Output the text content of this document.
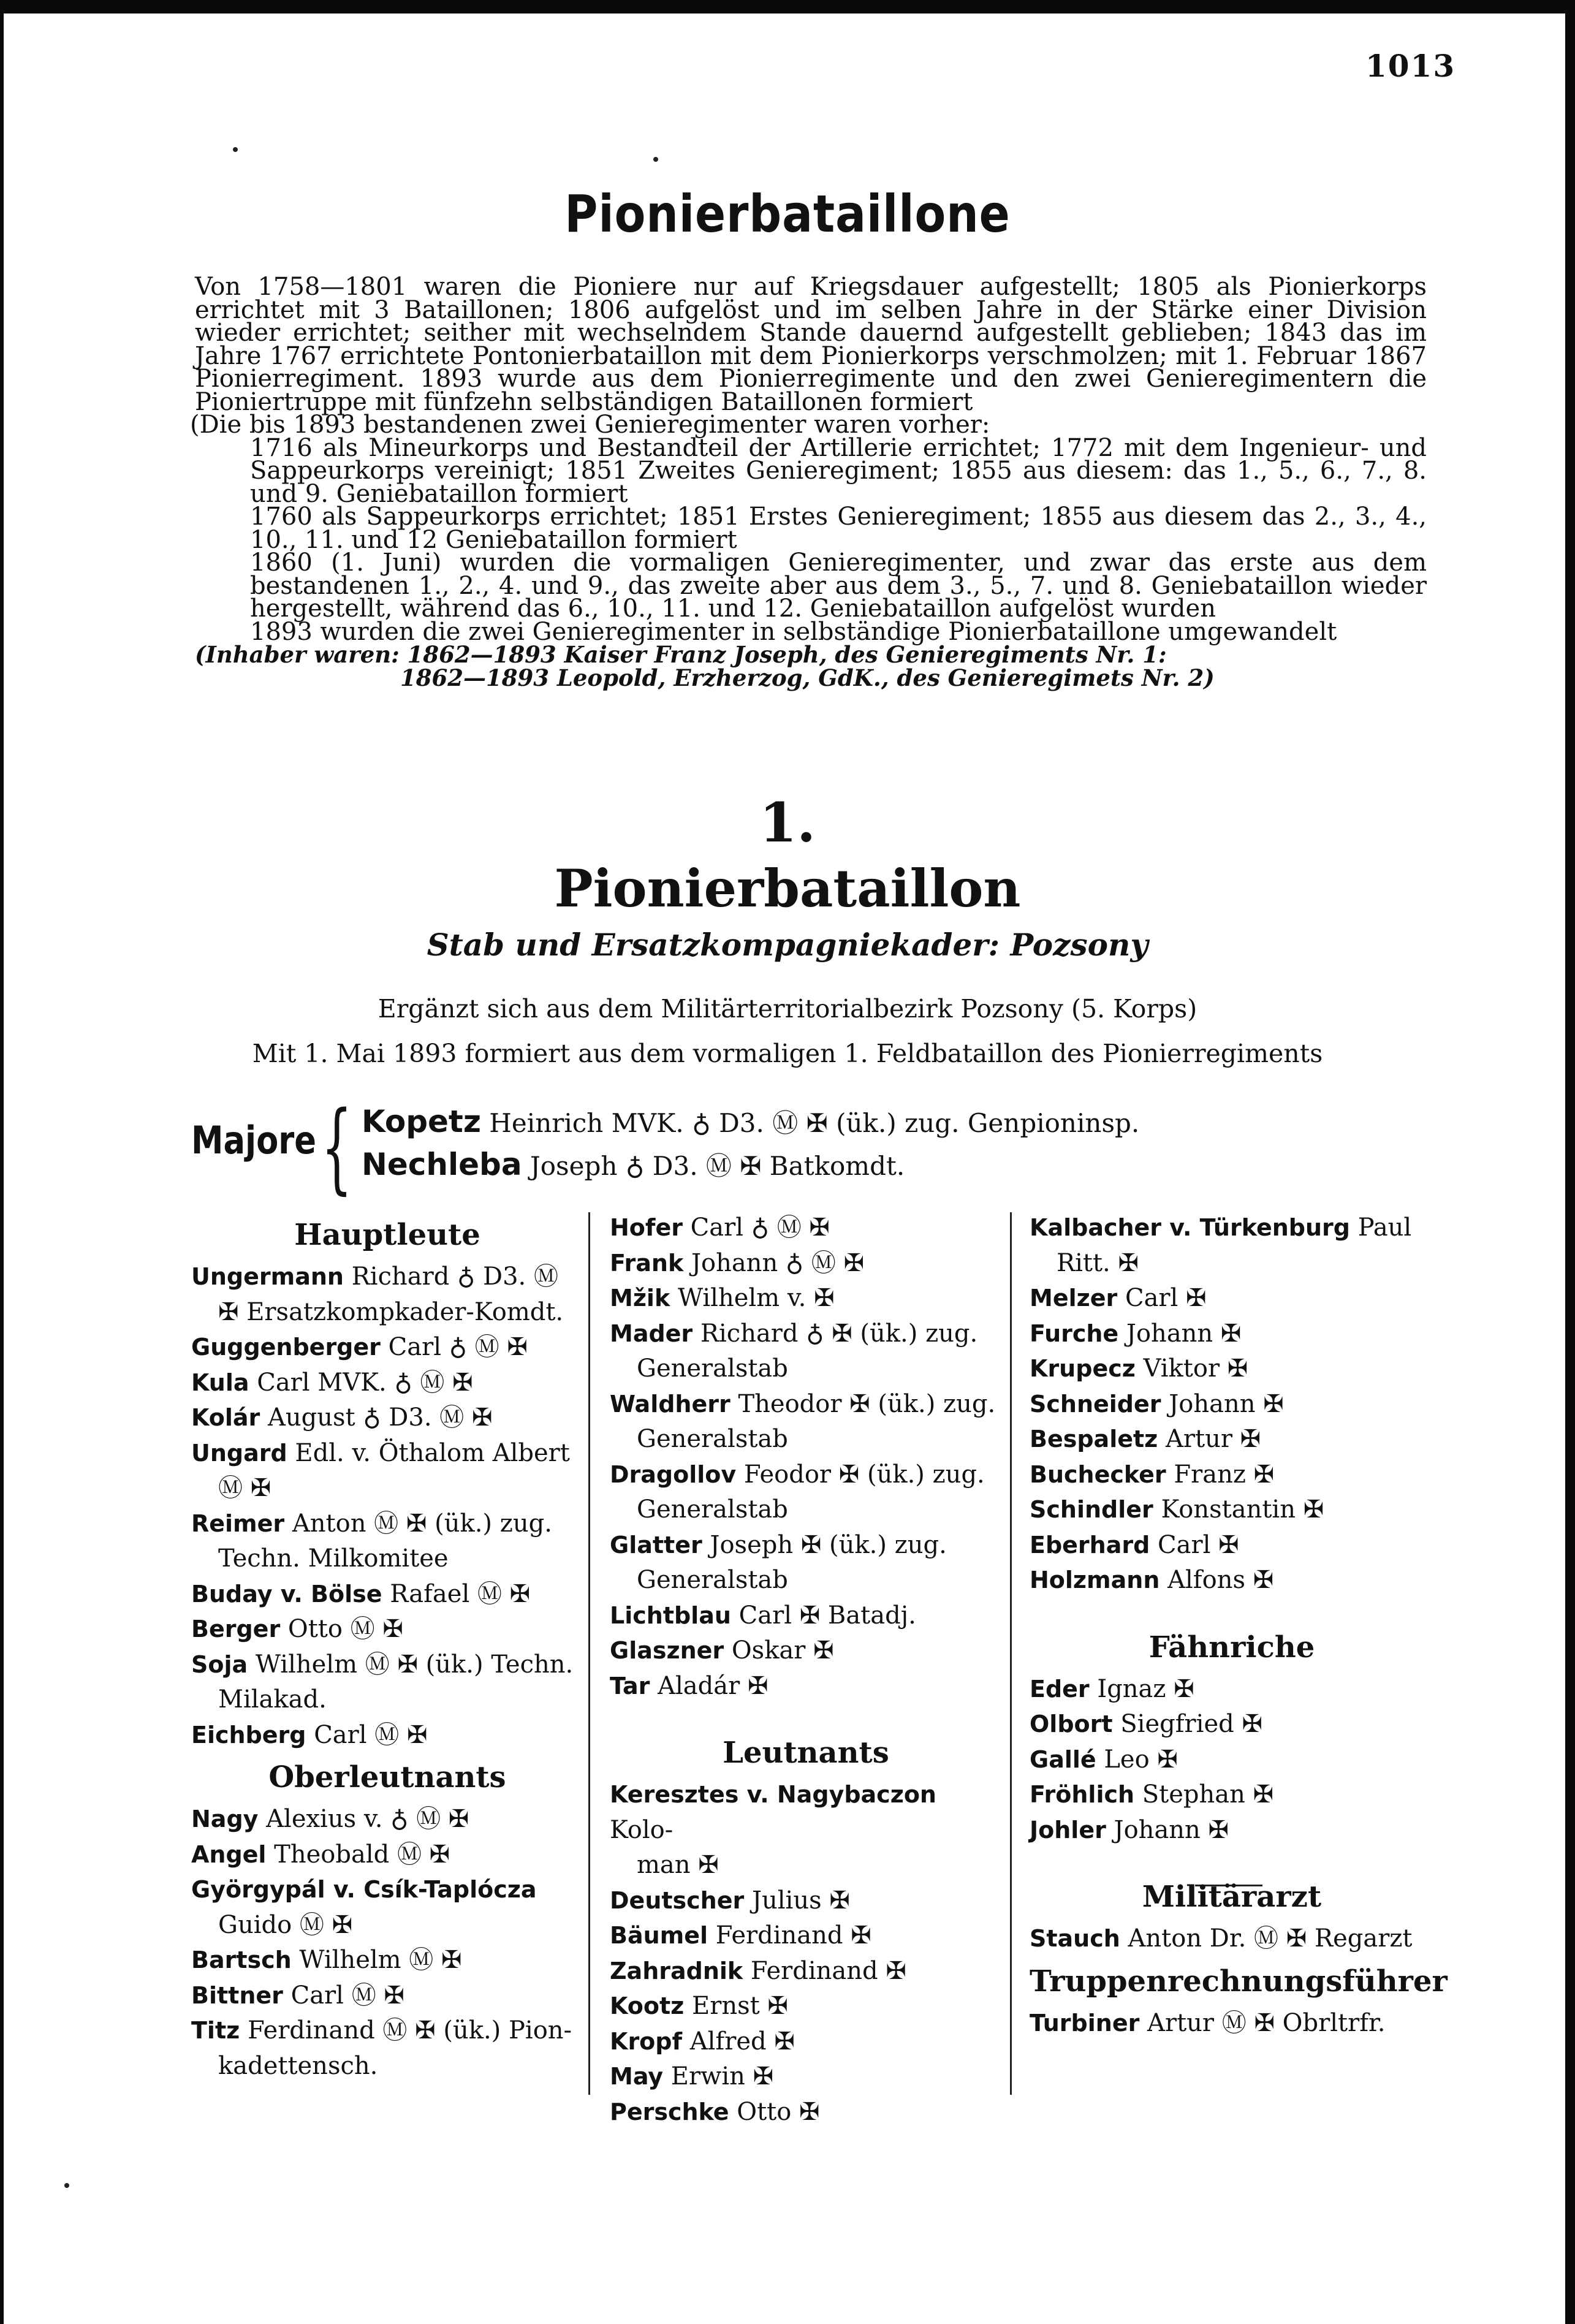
1013
Pionierbataillone

Von 1758—1801 waren die Pioniere nur auf Kriegsdauer aufgestellt; 1805 als Pionierkorps errichtet mit 3 Bataillonen; 1806 aufgelöst und im selben Jahre in der Stärke einer Division wieder errichtet; seither mit wechselndem Stande dauernd aufgestellt geblieben; 1843 das im Jahre 1767 errichtete Pontonierbataillon mit dem Pionierkorps verschmolzen; mit 1. Februar 1867 Pionierregiment. 1893 wurde aus dem Pionierregimente und den zwei Genieregimentern die Pioniertruppe mit fünfzehn selbständigen Bataillonen formiert

(Die bis 1893 bestandenen zwei Genieregimenter waren vorher:

1716 als Mineurkorps und Bestandteil der Artillerie errichtet; 1772 mit dem Ingenieur- und Sappeurkorps vereinigt; 1851 Zweites Genieregiment; 1855 aus diesem: das 1., 5., 6., 7., 8. und 9. Geniebataillon formiert

1760 als Sappeurkorps errichtet; 1851 Erstes Genieregiment; 1855 aus diesem das 2., 3., 4., 10., 11. und 12 Geniebataillon formiert

1860 (1. Juni) wurden die vormaligen Genieregimenter, und zwar das erste aus dem bestandenen 1., 2., 4. und 9., das zweite aber aus dem 3., 5., 7. und 8. Geniebataillon wieder hergestellt, während das 6., 10., 11. und 12. Geniebataillon aufgelöst wurden

1893 wurden die zwei Genieregimenter in selbständige Pionierbataillone umgewandelt

(Inhaber waren: 1862—1893 Kaiser Franz Joseph, des Genieregiments Nr. 1:

1862—1893 Leopold, Erzherzog, GdK., des Genieregimets Nr. 2)

1.
Pionierbataillon
Stab und Ersatzkompagniekader: Pozsony
Ergänzt sich aus dem Militärterritorialbezirk Pozsony (5. Korps)
Mit 1. Mai 1893 formiert aus dem vormaligen 1. Feldbataillon des Pionierregiments
Majore { Kopetz Heinrich MVK. ♁ D3. Ⓜ ✠ (ük.) zug. Genpioninsp.
Nechleba Joseph ♁ D3. Ⓜ ✠ Batkomdt.

Hauptleute

Ungermann Richard ♁ D3. Ⓜ
✠ Ersatzkompkader-Komdt.

Guggenberger Carl ♁ Ⓜ ✠

Kula Carl MVK. ♁ Ⓜ ✠

Kolár August ♁ D3. Ⓜ ✠

Ungard Edl. v. Öthalom Albert
Ⓜ ✠

Reimer Anton Ⓜ ✠ (ük.) zug.
Techn. Milkomitee

Buday v. Bölse Rafael Ⓜ ✠

Berger Otto Ⓜ ✠

Soja Wilhelm Ⓜ ✠ (ük.) Techn.
Milakad.

Eichberg Carl Ⓜ ✠

Oberleutnants

Nagy Alexius v. ♁ Ⓜ ✠

Angel Theobald Ⓜ ✠

Györgypál v. Csík-Taplócza
Guido Ⓜ ✠

Bartsch Wilhelm Ⓜ ✠

Bittner Carl Ⓜ ✠

Titz Ferdinand Ⓜ ✠ (ük.) Pion-
kadettensch.

Hofer Carl ♁ Ⓜ ✠

Frank Johann ♁ Ⓜ ✠

Mžik Wilhelm v. ✠

Mader Richard ♁ ✠ (ük.) zug.
Generalstab

Waldherr Theodor ✠ (ük.) zug.
Generalstab

Dragollov Feodor ✠ (ük.) zug.
Generalstab

Glatter Joseph ✠ (ük.) zug.
Generalstab

Lichtblau Carl ✠ Batadj.

Glaszner Oskar ✠

Tar Aladár ✠

Leutnants

Keresztes v. Nagybaczon Kolo-
man ✠

Deutscher Julius ✠

Bäumel Ferdinand ✠

Zahradnik Ferdinand ✠

Kootz Ernst ✠

Kropf Alfred ✠

May Erwin ✠

Perschke Otto ✠

Kalbacher v. Türkenburg Paul
Ritt. ✠

Melzer Carl ✠

Furche Johann ✠

Krupecz Viktor ✠

Schneider Johann ✠

Bespaletz Artur ✠

Buchecker Franz ✠

Schindler Konstantin ✠

Eberhard Carl ✠

Holzmann Alfons ✠

Fähnriche

Eder Ignaz ✠

Olbort Siegfried ✠

Gallé Leo ✠

Fröhlich Stephan ✠

Johler Johann ✠

Militärarzt

Stauch Anton Dr. Ⓜ ✠ Regarzt

Truppenrechnungsführer

Turbiner Artur Ⓜ ✠ Obrltrfr.
